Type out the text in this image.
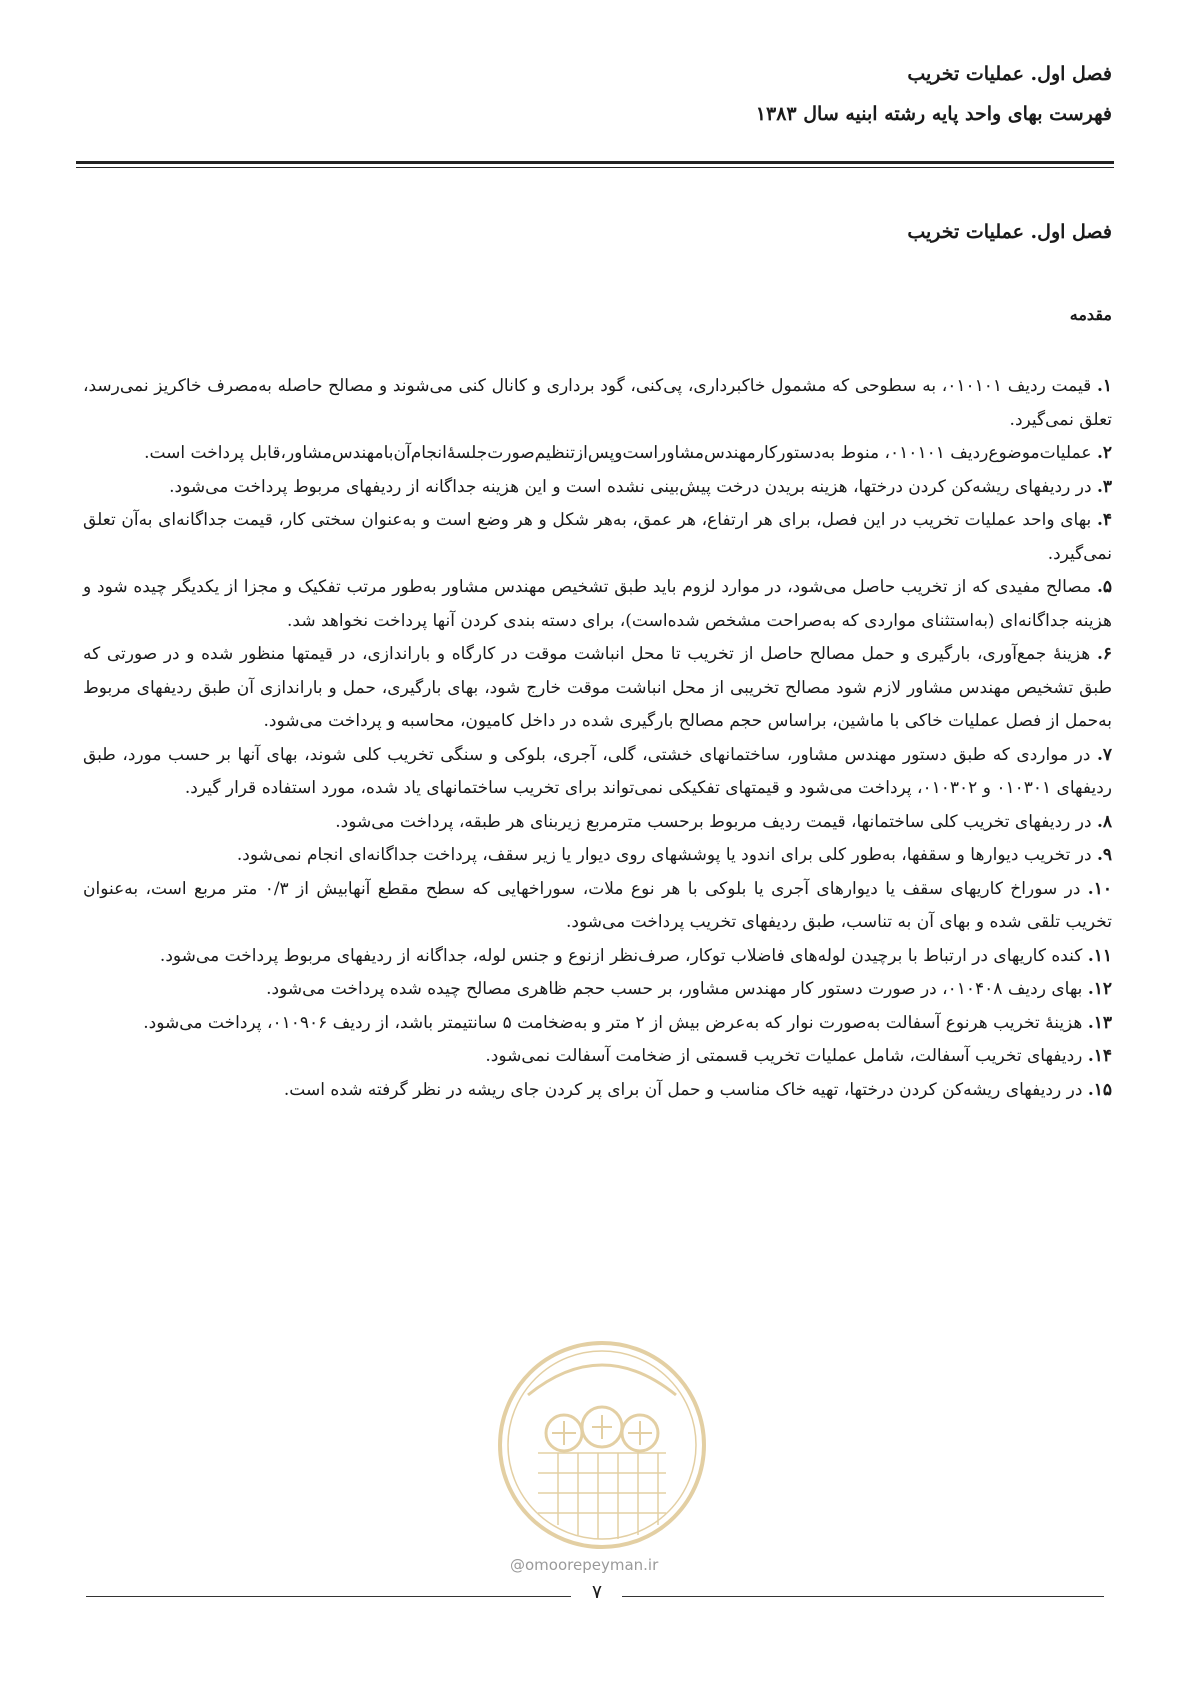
فصل اول. عملیات تخریب
فهرست بهای واحد پایه رشته ابنیه سال ۱۳۸۳
فصل اول. عملیات تخریب
مقدمه

۱. قیمت ردیف ۰۱۰۱۰۱، به سطوحی که مشمول خاکبرداری، پی‌کنی، گود برداری و کانال کنی می‌شوند و مصالح حاصله به‌مصرف خاکریز نمی‌رسد، تعلق نمی‌گیرد.

۲. عملیات‌موضوع‌ردیف ۰۱۰۱۰۱، منوط به‌دستورکارمهندس‌مشاوراست‌وپس‌ازتنظیم‌صورت‌جلسهٔ‌انجام‌آن‌بامهندس‌مشاور،قابل پرداخت است.

۳. در ردیفهای ریشه‌کن کردن درختها، هزینه بریدن درخت پیش‌بینی نشده است و این هزینه جداگانه از ردیفهای مربوط پرداخت می‌شود.

۴. بهای واحد عملیات تخریب در این فصل، برای هر ارتفاع، هر عمق، به‌هر شکل و هر وضع است و به‌عنوان سختی کار، قیمت جداگانه‌ای به‌آن تعلق نمی‌گیرد.

۵. مصالح مفیدی که از تخریب حاصل می‌شود، در موارد لزوم باید طبق تشخیص مهندس مشاور به‌طور مرتب تفکیک و مجزا از یکدیگر چیده شود و هزینه جداگانه‌ای (به‌استثنای مواردی که به‌صراحت مشخص شده‌است)، برای دسته بندی کردن آنها پرداخت نخواهد شد.

۶. هزینهٔ جمع‌آوری، بارگیری و حمل مصالح حاصل از تخریب تا محل انباشت موقت در کارگاه و باراندازی، در قیمتها منظور شده و در صورتی که طبق تشخیص مهندس مشاور لازم شود مصالح تخریبی از محل انباشت موقت خارج شود، بهای بارگیری، حمل و باراندازی آن طبق ردیفهای مربوط به‌حمل از فصل عملیات خاکی با ماشین، براساس حجم مصالح بارگیری شده در داخل کامیون، محاسبه و پرداخت می‌شود.

۷. در مواردی که طبق دستور مهندس مشاور، ساختمانهای خشتی، گلی، آجری، بلوکی و سنگی تخریب کلی شوند، بهای آنها بر حسب مورد، طبق ردیفهای ۰۱۰۳۰۱ و ۰۱۰۳۰۲، پرداخت می‌شود و قیمتهای تفکیکی نمی‌تواند برای تخریب ساختمانهای یاد شده، مورد استفاده قرار گیرد.

۸. در ردیفهای تخریب کلی ساختمانها، قیمت ردیف مربوط برحسب مترمربع زیربنای هر طبقه، پرداخت می‌شود.

۹. در تخریب دیوارها و سقفها، به‌طور کلی برای اندود یا پوششهای روی دیوار یا زیر سقف، پرداخت جداگانه‌ای انجام نمی‌شود.

۱۰. در سوراخ کاریهای سقف یا دیوارهای آجری یا بلوکی با هر نوع ملات، سوراخهایی که سطح مقطع آنهابیش از ۰/۳ متر مربع است، به‌عنوان تخریب تلقی شده و بهای آن به تناسب، طبق ردیفهای تخریب پرداخت می‌شود.

۱۱. کنده کاریهای در ارتباط با برچیدن لوله‌های فاضلاب توکار، صرف‌نظر ازنوع و جنس لوله، جداگانه از ردیفهای مربوط پرداخت می‌شود.

۱۲. بهای ردیف ۰۱۰۴۰۸، در صورت دستور کار مهندس مشاور، بر حسب حجم ظاهری مصالح چیده شده پرداخت می‌شود.

۱۳. هزینهٔ تخریب هرنوع آسفالت به‌صورت نوار که به‌عرض بیش از ۲ متر و به‌ضخامت ۵ سانتیمتر باشد، از ردیف ۰۱۰۹۰۶، پرداخت می‌شود.

۱۴. ردیفهای تخریب آسفالت، شامل عملیات تخریب قسمتی از ضخامت آسفالت نمی‌شود.

۱۵. در ردیفهای ریشه‌کن کردن درختها، تهیه خاک مناسب و حمل آن برای پر کردن جای ریشه در نظر گرفته شده است.

@omoorepeyman.ir
۷
